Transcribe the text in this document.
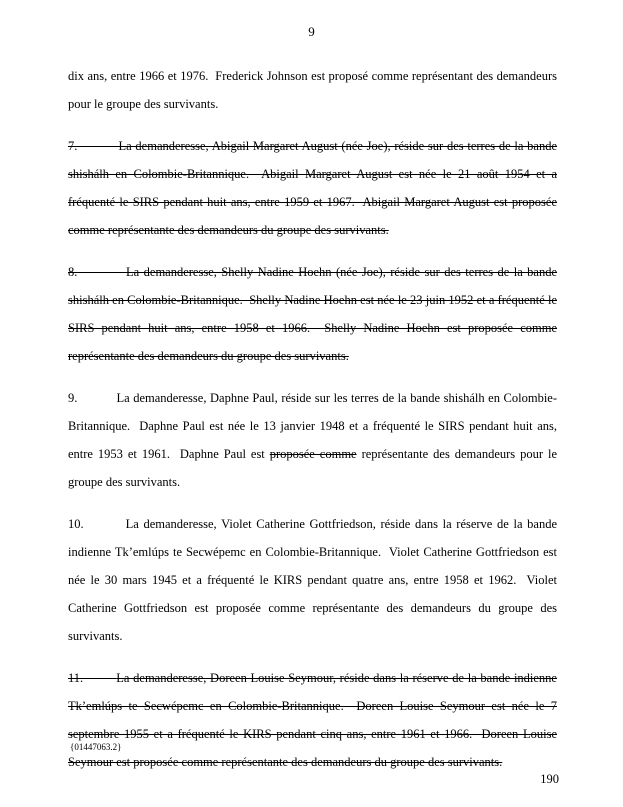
9

dix ans, entre 1966 et 1976.  Frederick Johnson est proposé comme représentant des demandeurs pour le groupe des survivants.

7.           La demanderesse, Abigail Margaret August (née Joe), réside sur des terres de la bande shishálh en Colombie-Britannique.  Abigail Margaret August est née le 21 août 1954 et a fréquenté le SIRS pendant huit ans, entre 1959 et 1967.  Abigail Margaret August est proposée comme représentante des demandeurs du groupe des survivants.

8.           La demanderesse, Shelly Nadine Hoehn (née Joe), réside sur des terres de la bande shishálh en Colombie-Britannique.  Shelly Nadine Hoehn est née le 23 juin 1952 et a fréquenté le SIRS pendant huit ans, entre 1958 et 1966.  Shelly Nadine Hoehn est proposée comme représentante des demandeurs du groupe des survivants.

9.           La demanderesse, Daphne Paul, réside sur les terres de la bande shishálh en Colombie-Britannique.  Daphne Paul est née le 13 janvier 1948 et a fréquenté le SIRS pendant huit ans, entre 1953 et 1961.  Daphne Paul est proposée comme représentante des demandeurs pour le groupe des survivants.

10.         La demanderesse, Violet Catherine Gottfriedson, réside dans la réserve de la bande indienne Tk’emlúps te Secwépemc en Colombie-Britannique.  Violet Catherine Gottfriedson est née le 30 mars 1945 et a fréquenté le KIRS pendant quatre ans, entre 1958 et 1962.  Violet Catherine Gottfriedson est proposée comme représentante des demandeurs du groupe des survivants.

11.         La demanderesse, Doreen Louise Seymour, réside dans la réserve de la bande indienne Tk’emlúps te Secwépemc en Colombie-Britannique.  Doreen Louise Seymour est née le 7 septembre 1955 et a fréquenté le KIRS pendant cinq ans, entre 1961 et 1966.  Doreen Louise Seymour est proposée comme représentante des demandeurs du groupe des survivants.

{01447063.2}
190
